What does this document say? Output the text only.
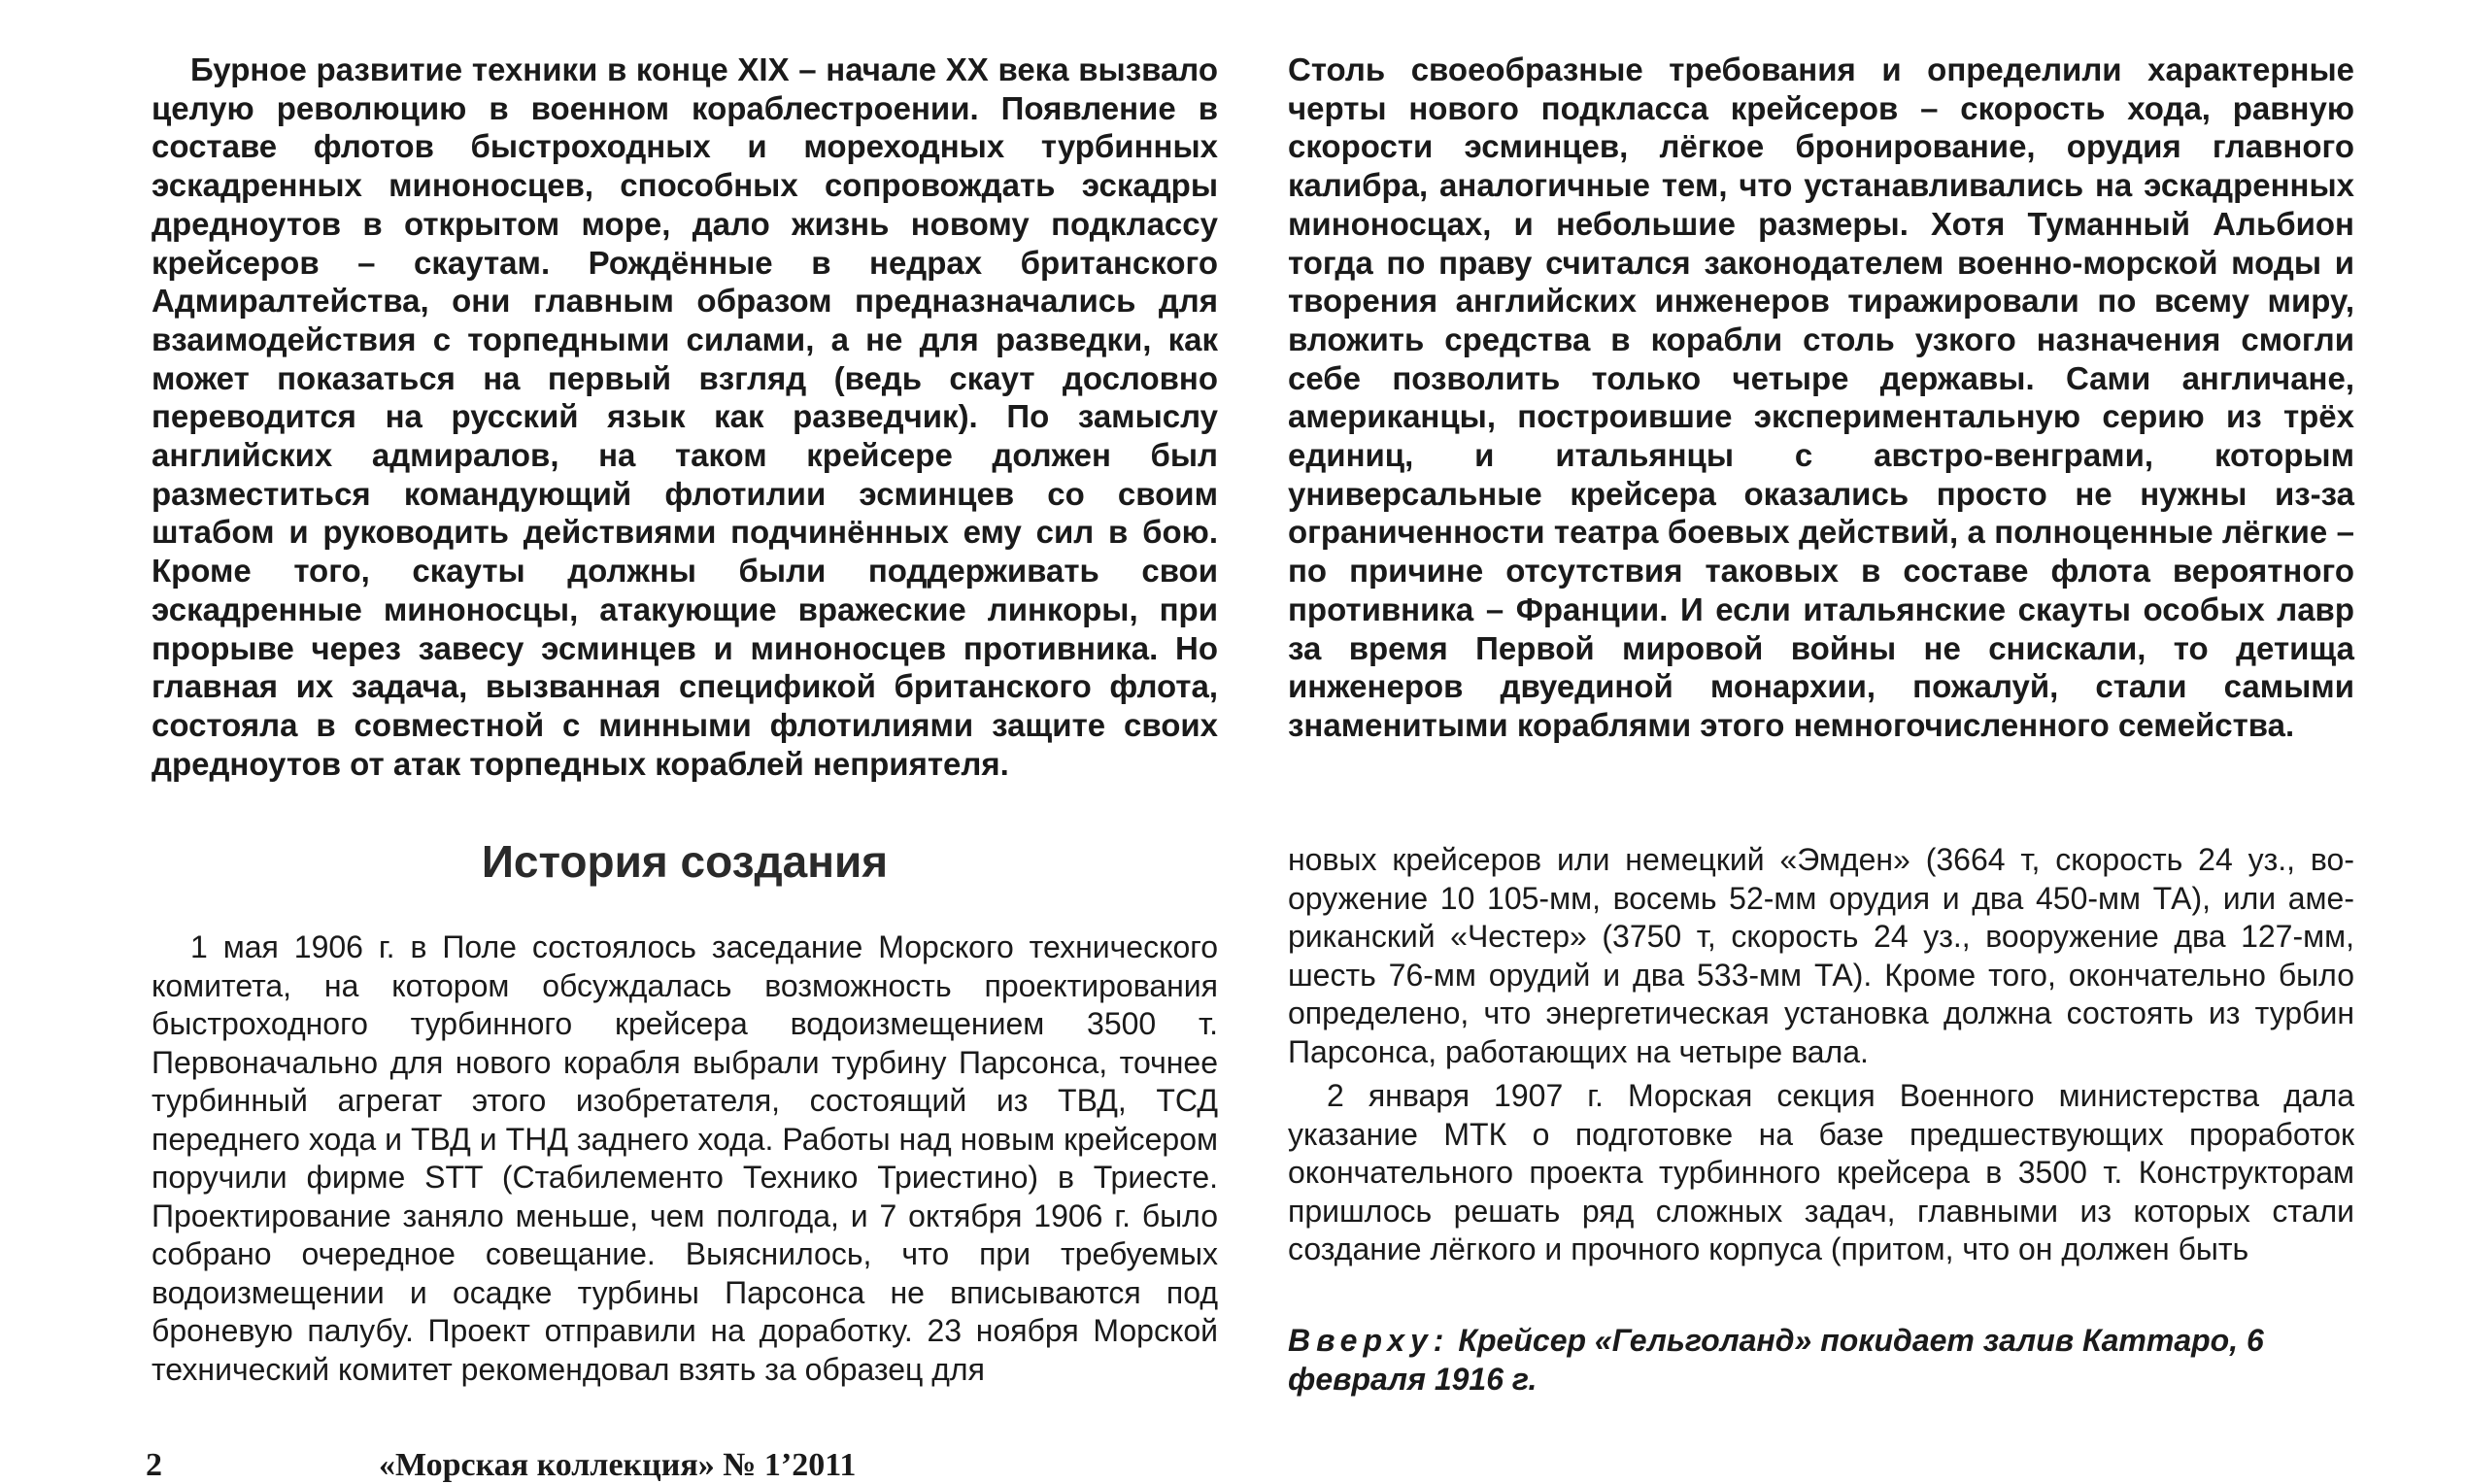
Бурное развитие техники в конце XIX – начале XX века вызвало целую революцию в военном кораблестроении. Появление в составе флотов быстроходных и мореходных турбинных эскадренных миноносцев, способных сопровождать эскадры дредноутов в открытом море, дало жизнь новому подклассу крейсеров – скаутам. Рождённые в недрах британского Адмиралтейства, они главным образом предназначались для взаимодействия с торпедными силами, а не для разведки, как может показаться на первый взгляд (ведь скаут дословно переводится на русский язык как разведчик). По замыслу английских адмиралов, на таком крейсере должен был разместиться командующий флотилии эсминцев со своим штабом и руководить действиями подчинённых ему сил в бою. Кроме того, скауты должны были поддерживать свои эскадренные миноносцы, атакующие вражеские линкоры, при прорыве через завесу эсминцев и миноносцев противника. Но главная их задача, вызванная спецификой британского флота, состояла в совместной с минными флотилиями защите своих дредноутов от атак торпедных кораблей неприятеля.

Столь своеобразные требования и определили характерные черты нового подкласса крейсеров – скорость хода, равную скорости эсминцев, лёгкое бронирование, орудия главного калибра, аналогичные тем, что устанавливались на эскадренных миноносцах, и небольшие размеры. Хотя Туманный Альбион тогда по праву считался законодателем военно-морской моды и творения английских инженеров тиражировали по всему миру, вложить средства в корабли столь узкого назначения смогли себе позволить только четыре державы. Сами англичане, американцы, построившие экспериментальную серию из трёх единиц, и итальянцы с австро-венграми, которым универсальные крейсера оказались просто не нужны из-за ограниченности театра боевых действий, а полноценные лёгкие – по причине отсутствия таковых в составе флота вероятного противника – Франции. И если итальянские скауты особых лавр за время Первой мировой войны не снискали, то детища инженеров двуединой монархии, пожалуй, стали самыми знаменитыми кораблями этого немногочисленного семейства.

История создания

1 мая 1906 г. в Поле состоялось заседание Морского технического комитета, на котором обсуждалась возможность проектирования быстроходного турбинного крейсера водоизмещением 3500 т. Первоначально для нового корабля выбрали турбину Парсонса, точнее турбинный агрегат этого изобретателя, состоящий из ТВД, ТСД переднего хода и ТВД и ТНД заднего хода. Работы над новым крейсером поручили фирме STT (Стабилементо Технико Триестино) в Триесте. Проектирование заняло меньше, чем полгода, и 7 октября 1906 г. было собрано очередное совещание. Выяснилось, что при требуемых водоизмещении и осадке турбины Парсонса не вписываются под броневую палубу. Проект отправили на доработку. 23 ноября Морской технический комитет рекомендовал взять за образец для

новых крейсеров или немецкий «Эмден» (3664 т, скорость 24 уз., вооружение 10 105-мм, восемь 52-мм орудия и два 450-мм ТА), или американский «Честер» (3750 т, скорость 24 уз., вооружение два 127-мм, шесть 76-мм орудий и два 533-мм ТА). Кроме того, окончательно было определено, что энергетическая установка должна состоять из турбин Парсонса, работающих на четыре вала.

2 января 1907 г. Морская секция Военного министерства дала указание МТК о подготовке на базе предшествующих проработок окончательного проекта турбинного крейсера в 3500 т. Конструкторам пришлось решать ряд сложных задач, главными из которых стали создание лёгкого и прочного корпуса (притом, что он должен быть

Вверху: Крейсер «Гельголанд» покидает залив Каттаро, 6 февраля 1916 г.

2	«Морская коллекция» № 1’2011
